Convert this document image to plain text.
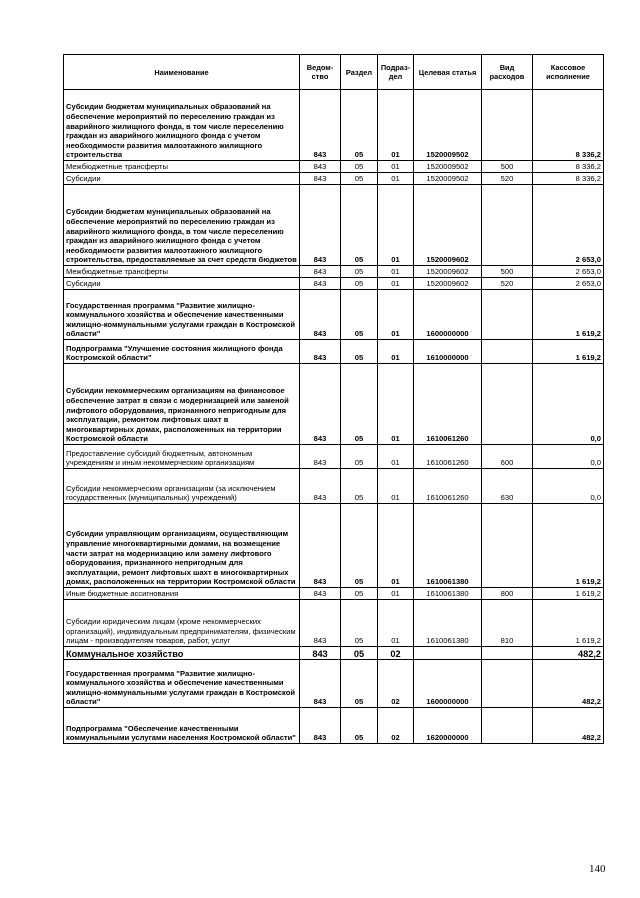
Наименование	Ведом-ство	Раздел	Подраз-дел	Целевая статья	Вид расходов	Кассовое исполнение
Субсидии бюджетам муниципальных образований на обеспечение мероприятий по переселению граждан из аварийного жилищного фонда, в том числе переселению граждан из аварийного жилищного фонда с учетом необходимости развития малоэтажного жилищного строительства	843	05	01	1520009502		8 336,2
Межбюджетные трансферты	843	05	01	1520009502	500	8 336,2
Субсидии	843	05	01	1520009502	520	8 336,2
Субсидии бюджетам муниципальных образований на обеспечение мероприятий по переселению граждан из аварийного жилищного фонда, в том числе переселению граждан из аварийного жилищного фонда с учетом необходимости развития малоэтажного жилищного строительства, предоставляемые за счет средств бюджетов	843	05	01	1520009602		2 653,0
Межбюджетные трансферты	843	05	01	1520009602	500	2 653,0
Субсидии	843	05	01	1520009602	520	2 653,0
Государственная программа "Развитие жилищно-коммунального хозяйства и обеспечение качественными жилищно-коммунальными услугами граждан в Костромской области"	843	05	01	1600000000		1 619,2
Подпрограмма "Улучшение состояния жилищного фонда Костромской области"	843	05	01	1610000000		1 619,2
Субсидии некоммерческим организациям на финансовое обеспечение затрат в связи с модернизацией или заменой лифтового оборудования, признанного непригодным для эксплуатации, ремонтом лифтовых шахт в многоквартирных домах, расположенных на территории Костромской области	843	05	01	1610061260		0,0
Предоставление субсидий бюджетным, автономным учреждениям и иным некоммерческим организациям	843	05	01	1610061260	600	0,0
Субсидии некоммерческим организациям (за исключением государственных (муниципальных) учреждений)	843	05	01	1610061260	630	0,0
Субсидии управляющим организациям, осуществляющим управление многоквартирными домами, на возмещение части затрат на модернизацию или замену лифтового оборудования, признанного непригодным для эксплуатации, ремонт лифтовых шахт в многоквартирных домах, расположенных на территории Костромской области	843	05	01	1610061380		1 619,2
Иные бюджетные ассигнования	843	05	01	1610061380	800	1 619,2
Субсидии юридическим лицам (кроме некоммерческих организаций), индивидуальным предпринимателям, физическим лицам - производителям товаров, работ, услуг	843	05	01	1610061380	810	1 619,2
Коммунальное хозяйство	843	05	02			482,2
Государственная программа "Развитие жилищно-коммунального хозяйства и обеспечение качественными жилищно-коммунальными услугами граждан в Костромской области"	843	05	02	1600000000		482,2
Подпрограмма "Обеспечение качественными коммунальными услугами населения Костромской области"	843	05	02	1620000000		482,2
140
